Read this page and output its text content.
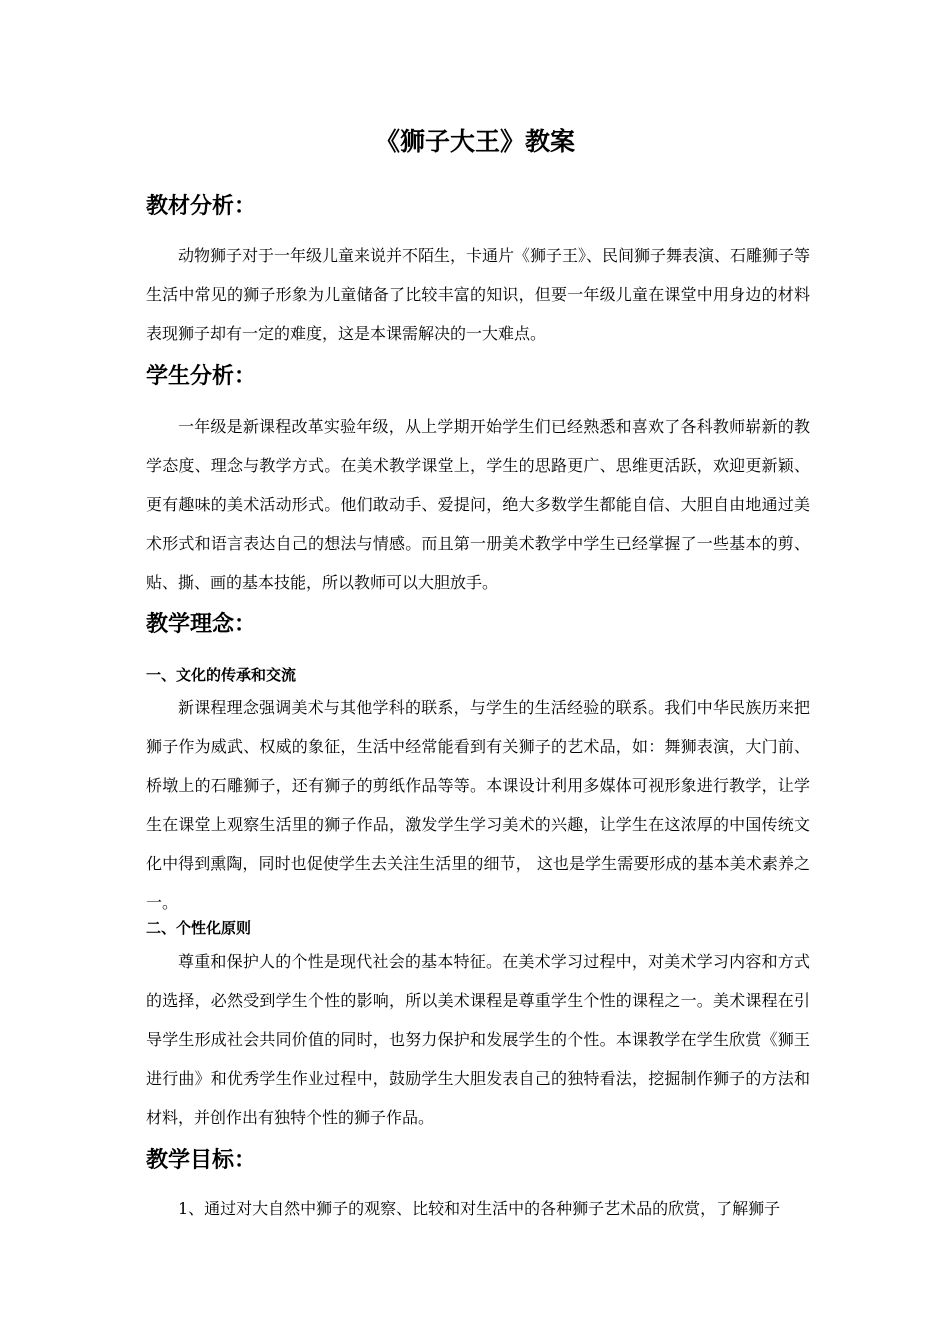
《狮子大王》教案
教材分析：

动物狮子对于一年级儿童来说并不陌生，卡通片《狮子王》、民间狮子舞表演、石雕狮子等生活中常见的狮子形象为儿童储备了比较丰富的知识，但要一年级儿童在课堂中用身边的材料表现狮子却有一定的难度，这是本课需解决的一大难点。

学生分析：

一年级是新课程改革实验年级，从上学期开始学生们已经熟悉和喜欢了各科教师崭新的教学态度、理念与教学方式。在美术教学课堂上，学生的思路更广、思维更活跃，欢迎更新颖、更有趣味的美术活动形式。他们敢动手、爱提问，绝大多数学生都能自信、大胆自由地通过美术形式和语言表达自己的想法与情感。而且第一册美术教学中学生已经掌握了一些基本的剪、贴、撕、画的基本技能，所以教师可以大胆放手。

教学理念：
一、文化的传承和交流

新课程理念强调美术与其他学科的联系，与学生的生活经验的联系。我们中华民族历来把狮子作为威武、权威的象征，生活中经常能看到有关狮子的艺术品，如：舞狮表演，大门前、桥墩上的石雕狮子，还有狮子的剪纸作品等等。本课设计利用多媒体可视形象进行教学，让学生在课堂上观察生活里的狮子作品，激发学生学习美术的兴趣，让学生在这浓厚的中国传统文化中得到熏陶，同时也促使学生去关注生活里的细节， 这也是学生需要形成的基本美术素养之一。

二、个性化原则

尊重和保护人的个性是现代社会的基本特征。在美术学习过程中，对美术学习内容和方式的选择，必然受到学生个性的影响，所以美术课程是尊重学生个性的课程之一。美术课程在引导学生形成社会共同价值的同时，也努力保护和发展学生的个性。本课教学在学生欣赏《狮王进行曲》和优秀学生作业过程中，鼓励学生大胆发表自己的独特看法，挖掘制作狮子的方法和材料，并创作出有独特个性的狮子作品。

教学目标：

1、通过对大自然中狮子的观察、比较和对生活中的各种狮子艺术品的欣赏，了解狮子
